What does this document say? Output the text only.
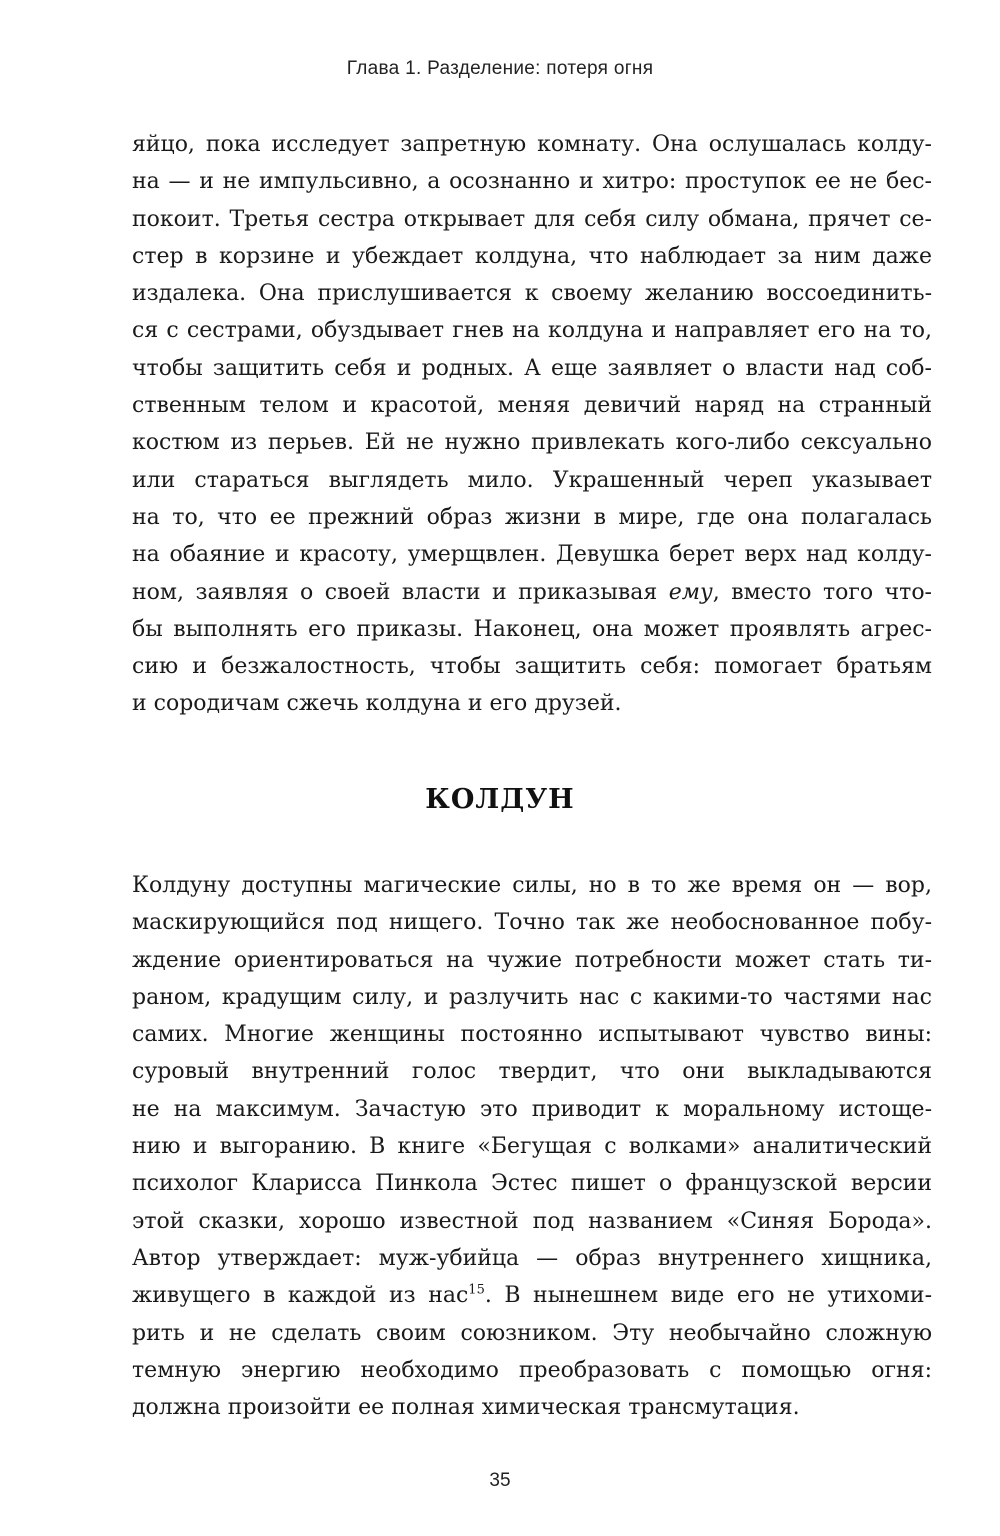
Глава 1. Разделение: потеря огня
яйцо, пока исследует запретную комнату. Она ослушалась колду-
на — и не импульсивно, а осознанно и хитро: проступок ее не бес-
покоит. Третья сестра открывает для себя силу обмана, прячет се-
стер в корзине и убеждает колдуна, что наблюдает за ним даже
издалека. Она прислушивается к своему желанию воссоединить-
ся с сестрами, обуздывает гнев на колдуна и направляет его на то,
чтобы защитить себя и родных. А еще заявляет о власти над соб-
ственным телом и красотой, меняя девичий наряд на странный
костюм из перьев. Ей не нужно привлекать кого-либо сексуально
или стараться выглядеть мило. Украшенный череп указывает
на то, что ее прежний образ жизни в мире, где она полагалась
на обаяние и красоту, умерщвлен. Девушка берет верх над колду-
ном, заявляя о своей власти и приказывая ему, вместо того что-
бы выполнять его приказы. Наконец, она может проявлять агрес-
сию и безжалостность, чтобы защитить себя: помогает братьям
и сородичам сжечь колдуна и его друзей.
КОЛДУН
Колдуну доступны магические силы, но в то же время он — вор,
маскирующийся под нищего. Точно так же необоснованное побу-
ждение ориентироваться на чужие потребности может стать ти-
раном, крадущим силу, и разлучить нас с какими-то частями нас
самих. Многие женщины постоянно испытывают чувство вины:
суровый внутренний голос твердит, что они выкладываются
не на максимум. Зачастую это приводит к моральному истоще-
нию и выгоранию. В книге «Бегущая с волками» аналитический
психолог Кларисса Пинкола Эстес пишет о французской версии
этой сказки, хорошо известной под названием «Синяя Борода».
Автор утверждает: муж-убийца — образ внутреннего хищника,
живущего в каждой из нас$^{15}$. В нынешнем виде его не утихоми-
рить и не сделать своим союзником. Эту необычайно сложную
темную энергию необходимо преобразовать с помощью огня:
должна произойти ее полная химическая трансмутация.
35
